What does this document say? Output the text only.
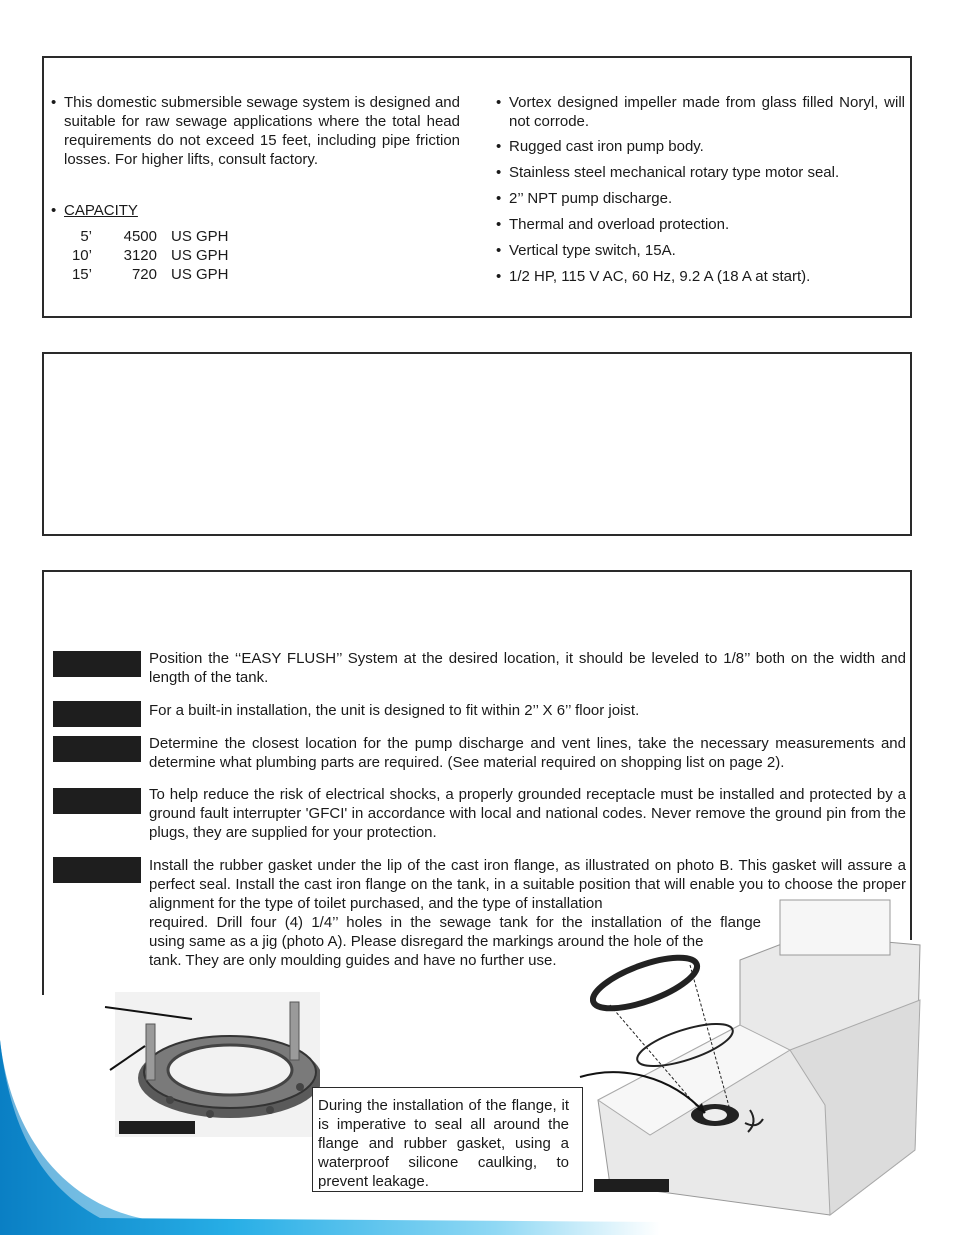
• This domestic submersible sewage system is designed and suitable for raw sewage applications where the total head requirements do not exceed 15 feet, including pipe friction losses. For higher lifts, consult factory.
• CAPACITY
5’ 4500 US GPH
10’ 3120 US GPH
15’	720 US GPH
• Vortex designed impeller made from glass filled Noryl, will not corrode.
• Rugged cast iron pump body.
• Stainless steel mechanical rotary type motor seal.
• 2’’ NPT pump discharge.
• Thermal and overload protection.
• Vertical type switch, 15A.
• 1/2 HP, 115 V AC, 60 Hz, 9.2 A (18 A at start).
Position the ‘‘EASY FLUSH’’ System at the desired location, it should be leveled to 1/8’’ both on the width and length of the tank.
For a built-in installation, the unit is designed to fit within 2’’ X 6’’ floor joist.
Determine the closest location for the pump discharge and vent lines, take the necessary measurements and determine what plumbing parts are required. (See material required on shopping list on page 2).
To help reduce the risk of electrical shocks, a properly grounded receptacle must be installed and protected by a ground fault interrupter 'GFCI' in accordance with local and national codes. Never remove the ground pin from the plugs, they are supplied for your protection.
Install the rubber gasket under the lip of the cast iron flange, as illustrated on photo B. This gasket will assure a perfect seal. Install the cast iron flange on the tank, in a suitable position that will enable you to choose the proper alignment for the type of toilet purchased, and the type of installation
required. Drill four (4) 1/4’’ holes in the sewage tank for the installation of the flange
using same as a jig (photo A). Please disregard the markings around the hole of the
tank. They are only moulding guides and have no further use.
During the installation of the flange, it is imperative to seal all around the flange and rubber gasket, using a waterproof silicone caulking, to prevent leakage.
